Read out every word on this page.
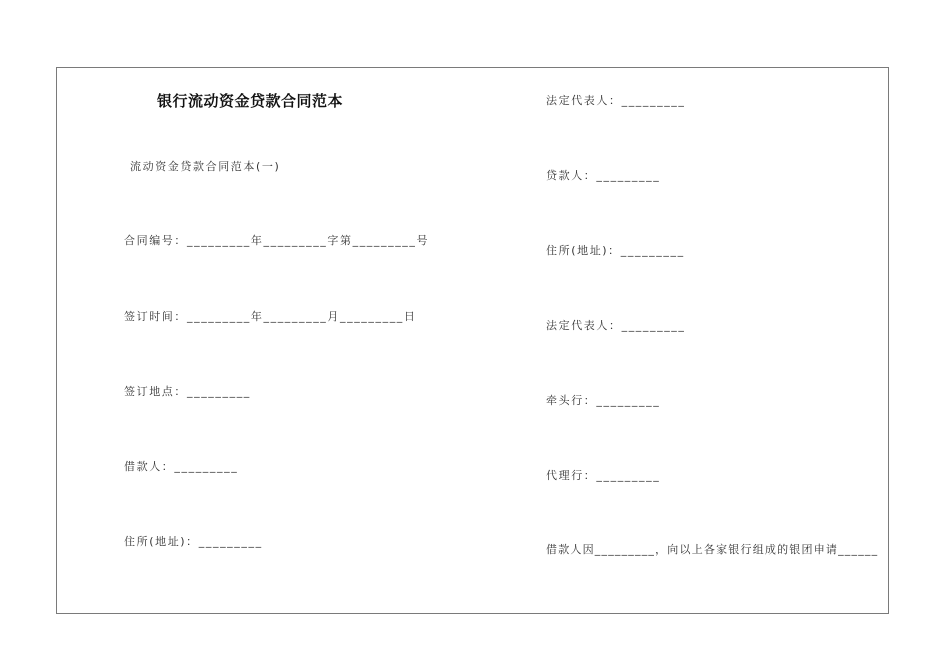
银行流动资金贷款合同范本
流动资金贷款合同范本(一)
合同编号：_________年_________字第_________号
签订时间：_________年_________月_________日
签订地点：_________
借款人：_________
住所(地址)：_________
法定代表人：_________
贷款人：_________
住所(地址)：_________
法定代表人：_________
牵头行：_________
代理行：_________
借款人因_________，向以上各家银行组成的银团申请______
